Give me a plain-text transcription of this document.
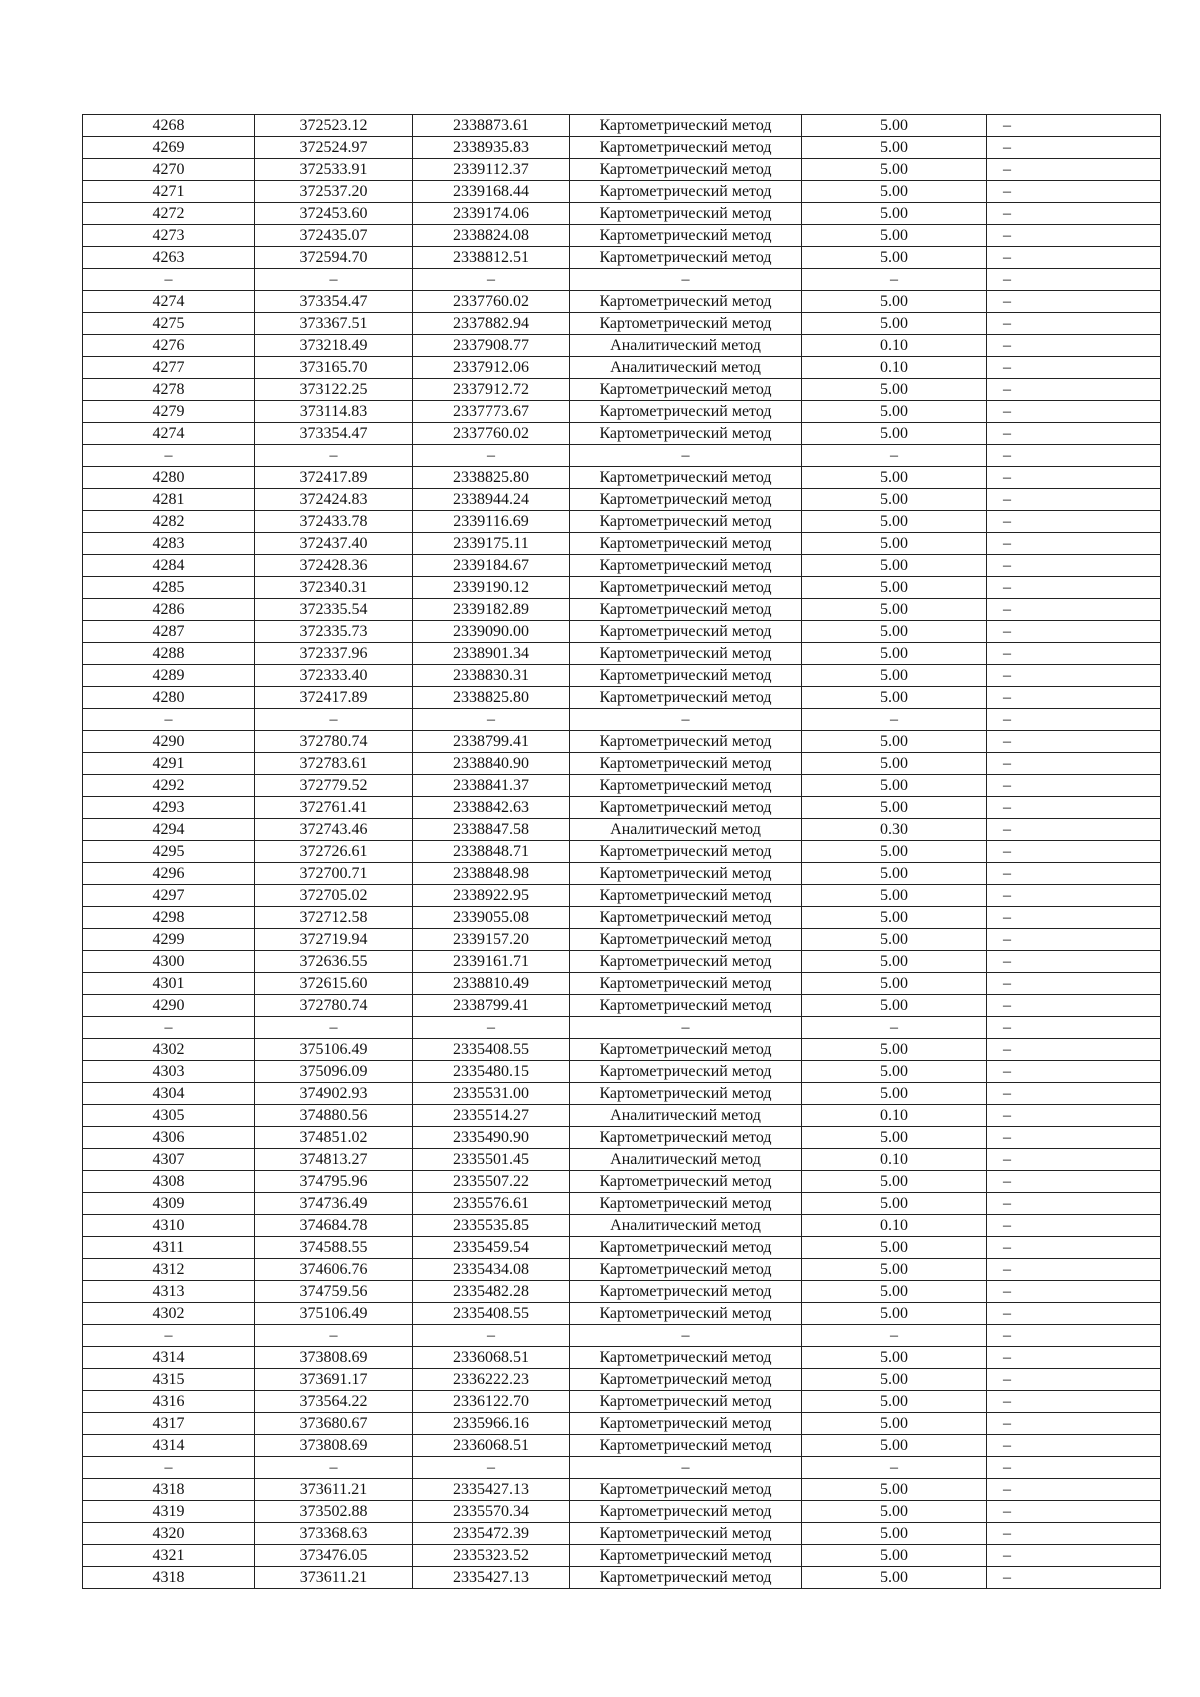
4268	372523.12	2338873.61	Картометрический метод	5.00	–
4269	372524.97	2338935.83	Картометрический метод	5.00	–
4270	372533.91	2339112.37	Картометрический метод	5.00	–
4271	372537.20	2339168.44	Картометрический метод	5.00	–
4272	372453.60	2339174.06	Картометрический метод	5.00	–
4273	372435.07	2338824.08	Картометрический метод	5.00	–
4263	372594.70	2338812.51	Картометрический метод	5.00	–
–	–	–	–	–	–
4274	373354.47	2337760.02	Картометрический метод	5.00	–
4275	373367.51	2337882.94	Картометрический метод	5.00	–
4276	373218.49	2337908.77	Аналитический метод	0.10	–
4277	373165.70	2337912.06	Аналитический метод	0.10	–
4278	373122.25	2337912.72	Картометрический метод	5.00	–
4279	373114.83	2337773.67	Картометрический метод	5.00	–
4274	373354.47	2337760.02	Картометрический метод	5.00	–
–	–	–	–	–	–
4280	372417.89	2338825.80	Картометрический метод	5.00	–
4281	372424.83	2338944.24	Картометрический метод	5.00	–
4282	372433.78	2339116.69	Картометрический метод	5.00	–
4283	372437.40	2339175.11	Картометрический метод	5.00	–
4284	372428.36	2339184.67	Картометрический метод	5.00	–
4285	372340.31	2339190.12	Картометрический метод	5.00	–
4286	372335.54	2339182.89	Картометрический метод	5.00	–
4287	372335.73	2339090.00	Картометрический метод	5.00	–
4288	372337.96	2338901.34	Картометрический метод	5.00	–
4289	372333.40	2338830.31	Картометрический метод	5.00	–
4280	372417.89	2338825.80	Картометрический метод	5.00	–
–	–	–	–	–	–
4290	372780.74	2338799.41	Картометрический метод	5.00	–
4291	372783.61	2338840.90	Картометрический метод	5.00	–
4292	372779.52	2338841.37	Картометрический метод	5.00	–
4293	372761.41	2338842.63	Картометрический метод	5.00	–
4294	372743.46	2338847.58	Аналитический метод	0.30	–
4295	372726.61	2338848.71	Картометрический метод	5.00	–
4296	372700.71	2338848.98	Картометрический метод	5.00	–
4297	372705.02	2338922.95	Картометрический метод	5.00	–
4298	372712.58	2339055.08	Картометрический метод	5.00	–
4299	372719.94	2339157.20	Картометрический метод	5.00	–
4300	372636.55	2339161.71	Картометрический метод	5.00	–
4301	372615.60	2338810.49	Картометрический метод	5.00	–
4290	372780.74	2338799.41	Картометрический метод	5.00	–
–	–	–	–	–	–
4302	375106.49	2335408.55	Картометрический метод	5.00	–
4303	375096.09	2335480.15	Картометрический метод	5.00	–
4304	374902.93	2335531.00	Картометрический метод	5.00	–
4305	374880.56	2335514.27	Аналитический метод	0.10	–
4306	374851.02	2335490.90	Картометрический метод	5.00	–
4307	374813.27	2335501.45	Аналитический метод	0.10	–
4308	374795.96	2335507.22	Картометрический метод	5.00	–
4309	374736.49	2335576.61	Картометрический метод	5.00	–
4310	374684.78	2335535.85	Аналитический метод	0.10	–
4311	374588.55	2335459.54	Картометрический метод	5.00	–
4312	374606.76	2335434.08	Картометрический метод	5.00	–
4313	374759.56	2335482.28	Картометрический метод	5.00	–
4302	375106.49	2335408.55	Картометрический метод	5.00	–
–	–	–	–	–	–
4314	373808.69	2336068.51	Картометрический метод	5.00	–
4315	373691.17	2336222.23	Картометрический метод	5.00	–
4316	373564.22	2336122.70	Картометрический метод	5.00	–
4317	373680.67	2335966.16	Картометрический метод	5.00	–
4314	373808.69	2336068.51	Картометрический метод	5.00	–
–	–	–	–	–	–
4318	373611.21	2335427.13	Картометрический метод	5.00	–
4319	373502.88	2335570.34	Картометрический метод	5.00	–
4320	373368.63	2335472.39	Картометрический метод	5.00	–
4321	373476.05	2335323.52	Картометрический метод	5.00	–
4318	373611.21	2335427.13	Картометрический метод	5.00	–
